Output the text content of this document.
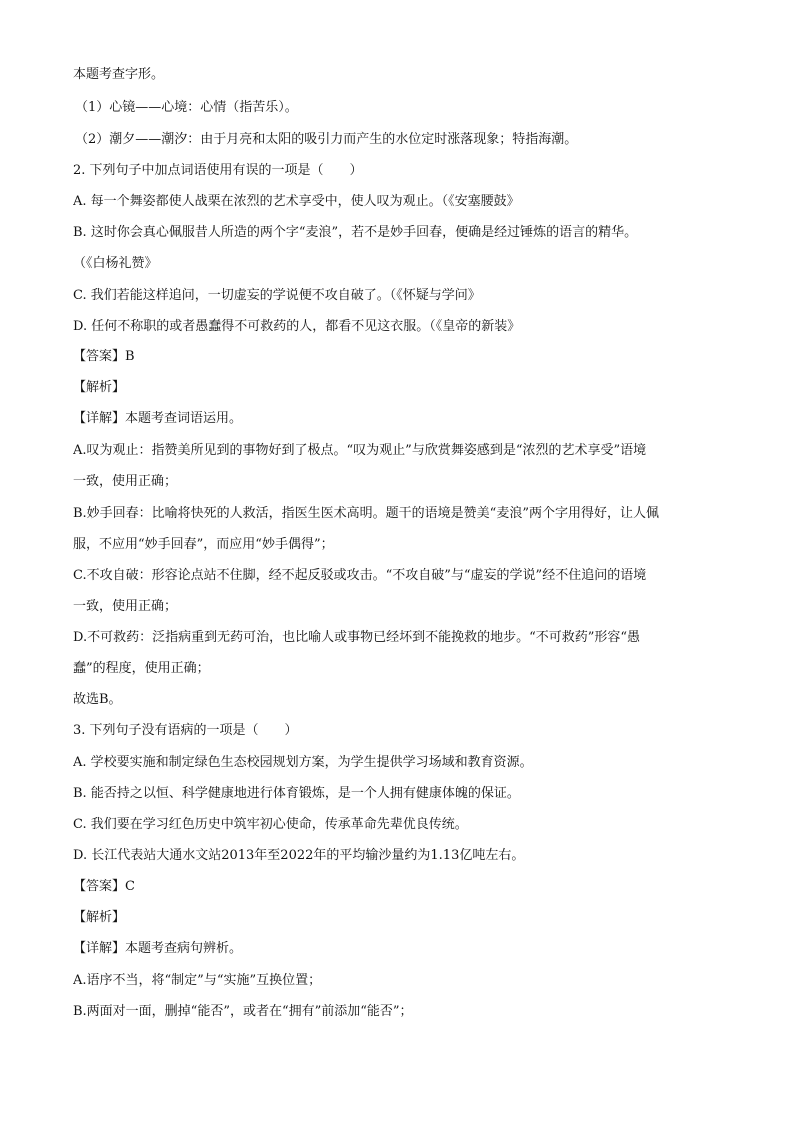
本题考查字形。
（1）心镜——心境：心情（指苦乐）。
（2）潮夕——潮汐：由于月亮和太阳的吸引力而产生的水位定时涨落现象；特指海潮。
2. 下列句子中加点词语使用有误的一项是（　　）
A. 每一个舞姿都使人战栗在浓烈的艺术享受中，使人叹为观止。（《安塞腰鼓》
B. 这时你会真心佩服昔人所造的两个字“麦浪”，若不是妙手回春，便确是经过锤炼的语言的精华。
（《白杨礼赞》
C. 我们若能这样追问，一切虚妄的学说便不攻自破了。（《怀疑与学问》
D. 任何不称职的或者愚蠢得不可救药的人，都看不见这衣服。（《皇帝的新装》
【答案】B
【解析】
【详解】本题考查词语运用。
A.叹为观止：指赞美所见到的事物好到了极点。“叹为观止”与欣赏舞姿感到是“浓烈的艺术享受”语境
一致，使用正确；
B.妙手回春：比喻将快死的人救活，指医生医术高明。题干的语境是赞美“麦浪”两个字用得好，让人佩
服，不应用“妙手回春”，而应用“妙手偶得”；
C.不攻自破：形容论点站不住脚，经不起反驳或攻击。“不攻自破”与“虚妄的学说”经不住追问的语境
一致，使用正确；
D.不可救药：泛指病重到无药可治，也比喻人或事物已经坏到不能挽救的地步。“不可救药”形容“愚
蠢”的程度，使用正确；
故选B。
3. 下列句子没有语病的一项是（　　）
A. 学校要实施和制定绿色生态校园规划方案，为学生提供学习场域和教育资源。
B. 能否持之以恒、科学健康地进行体育锻炼，是一个人拥有健康体魄的保证。
C. 我们要在学习红色历史中筑牢初心使命，传承革命先辈优良传统。
D. 长江代表站大通水文站2013年至2022年的平均输沙量约为1.13亿吨左右。
【答案】C
【解析】
【详解】本题考查病句辨析。
A.语序不当，将“制定”与“实施”互换位置；
B.两面对一面，删掉“能否”，或者在“拥有”前添加“能否”；
